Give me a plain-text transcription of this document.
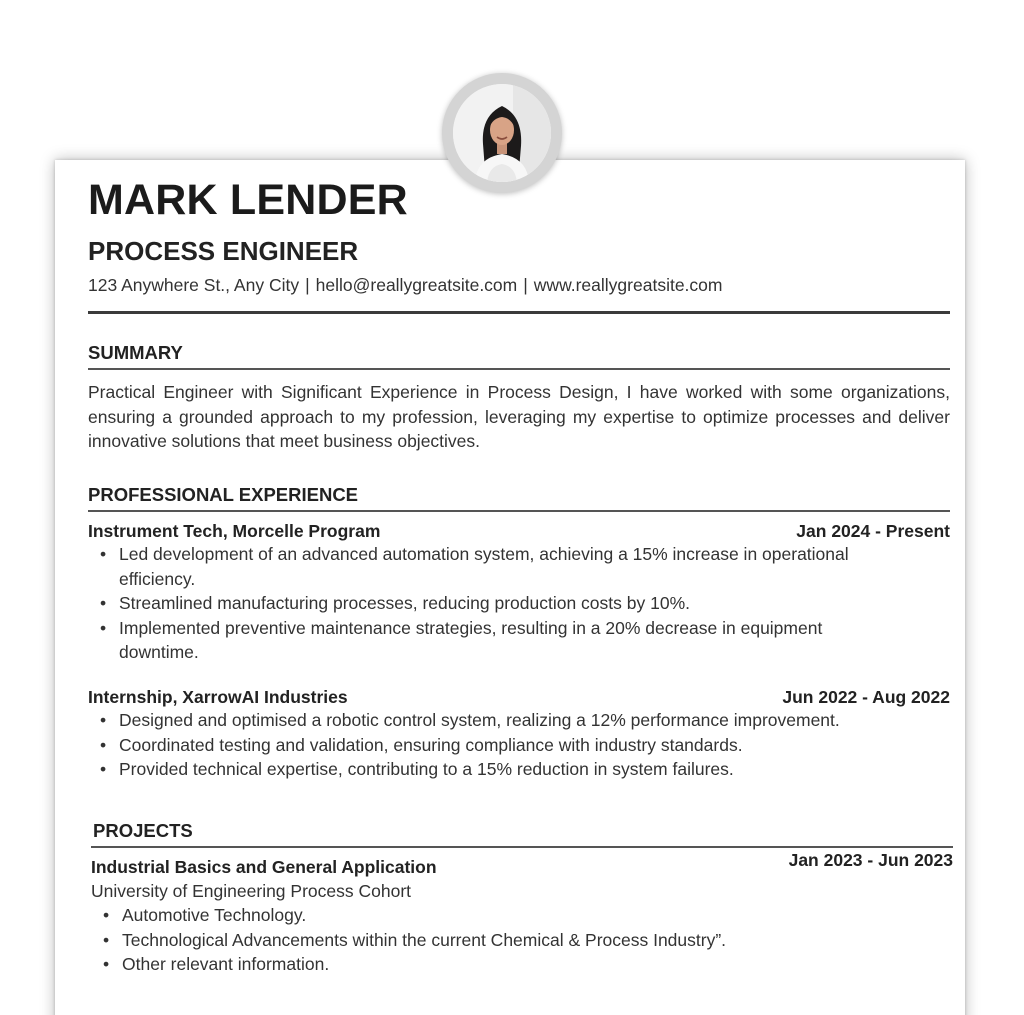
MARK LENDER
PROCESS ENGINEER
123 Anywhere St., Any City | hello@reallygreatsite.com | www.reallygreatsite.com
SUMMARY

Practical Engineer with Significant Experience in Process Design, I have worked with some organizations, ensuring a grounded approach to my profession, leveraging my expertise to optimize processes and deliver innovative solutions that meet business objectives.

PROFESSIONAL EXPERIENCE
Instrument Tech, Morcelle Program	Jan 2024 - Present
• Led development of an advanced automation system, achieving a 15% increase in operational efficiency.
• Streamlined manufacturing processes, reducing production costs by 10%.
• Implemented preventive maintenance strategies, resulting in a 20% decrease in equipment downtime.
Internship, XarrowAI Industries	Jun 2022 - Aug 2022
• Designed and optimised a robotic control system, realizing a 12% performance improvement.
• Coordinated testing and validation, ensuring compliance with industry standards.
• Provided technical expertise, contributing to a 15% reduction in system failures.
PROJECTS
Industrial Basics and General Application	Jan 2023 - Jun 2023
University of Engineering Process Cohort
• Automotive Technology.
• Technological Advancements within the current Chemical & Process Industry”.
• Other relevant information.
